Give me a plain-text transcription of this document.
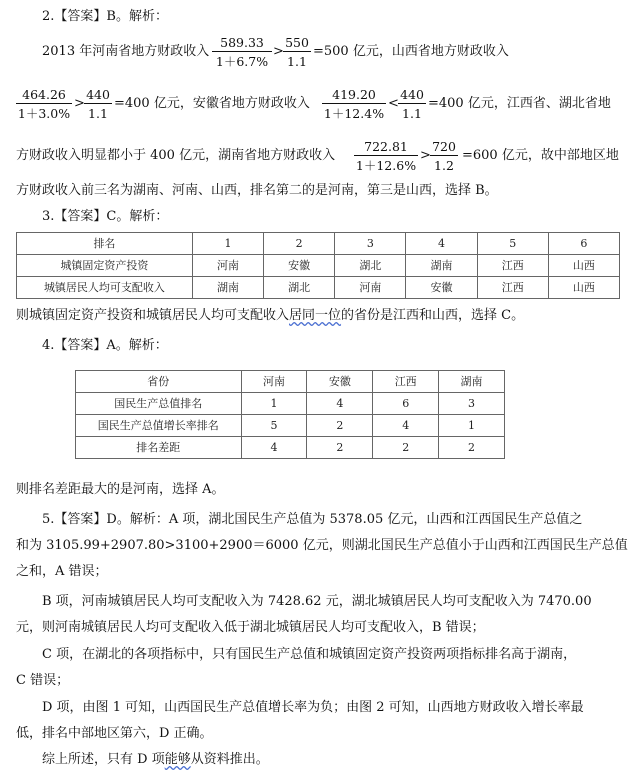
2.【答案】B。解析：
2013 年河南省地方财政收入 $\frac{589.33}{1+6.7\%} > \frac{550}{1.1} =500$ 亿元，山西省地方财政收入
$\frac{464.26}{1+3.0\%} > \frac{440}{1.1} =400$ 亿元，安徽省地方财政收入 $\frac{419.20}{1+12.4\%} < \frac{440}{1.1} =400$ 亿元，江西省、湖北省地
方财政收入明显都小于 400 亿元，湖南省地方财政收入 $\frac{722.81}{1+12.6\%} > \frac{720}{1.2} =600$ 亿元，故中部地区地
方财政收入前三名为湖南、河南、山西，排名第二的是河南，第三是山西，选择 B。
3.【答案】C。解析：
排名	1	2	3	4	5	6
城镇固定资产投资	河南	安徽	湖北	湖南	江西	山西
城镇居民人均可支配收入	湖南	湖北	河南	安徽	江西	山西
则城镇固定资产投资和城镇居民人均可支配收入居同一位的省份是江西和山西，选择 C。
4.【答案】A。解析：
省份	河南	安徽	江西	湖南
国民生产总值排名	1	4	6	3
国民生产总值增长率排名	5	2	4	1
排名差距	4	2	2	2
则排名差距最大的是河南，选择 A。
5.【答案】D。解析：A 项，湖北国民生产总值为 5378.05 亿元，山西和江西国民生产总值之
和为 3105.99+2907.80>3100+2900＝6000 亿元，则湖北国民生产总值小于山西和江西国民生产总值
之和，A 错误；
B 项，河南城镇居民人均可支配收入为 7428.62 元，湖北城镇居民人均可支配收入为 7470.00
元，则河南城镇居民人均可支配收入低于湖北城镇居民人均可支配收入，B 错误；
C 项，在湖北的各项指标中，只有国民生产总值和城镇固定资产投资两项指标排名高于湖南，
C 错误；
D 项，由图 1 可知，山西国民生产总值增长率为负；由图 2 可知，山西地方财政收入增长率最
低，排名中部地区第六，D 正确。
综上所述，只有 D 项能够从资料推出。
